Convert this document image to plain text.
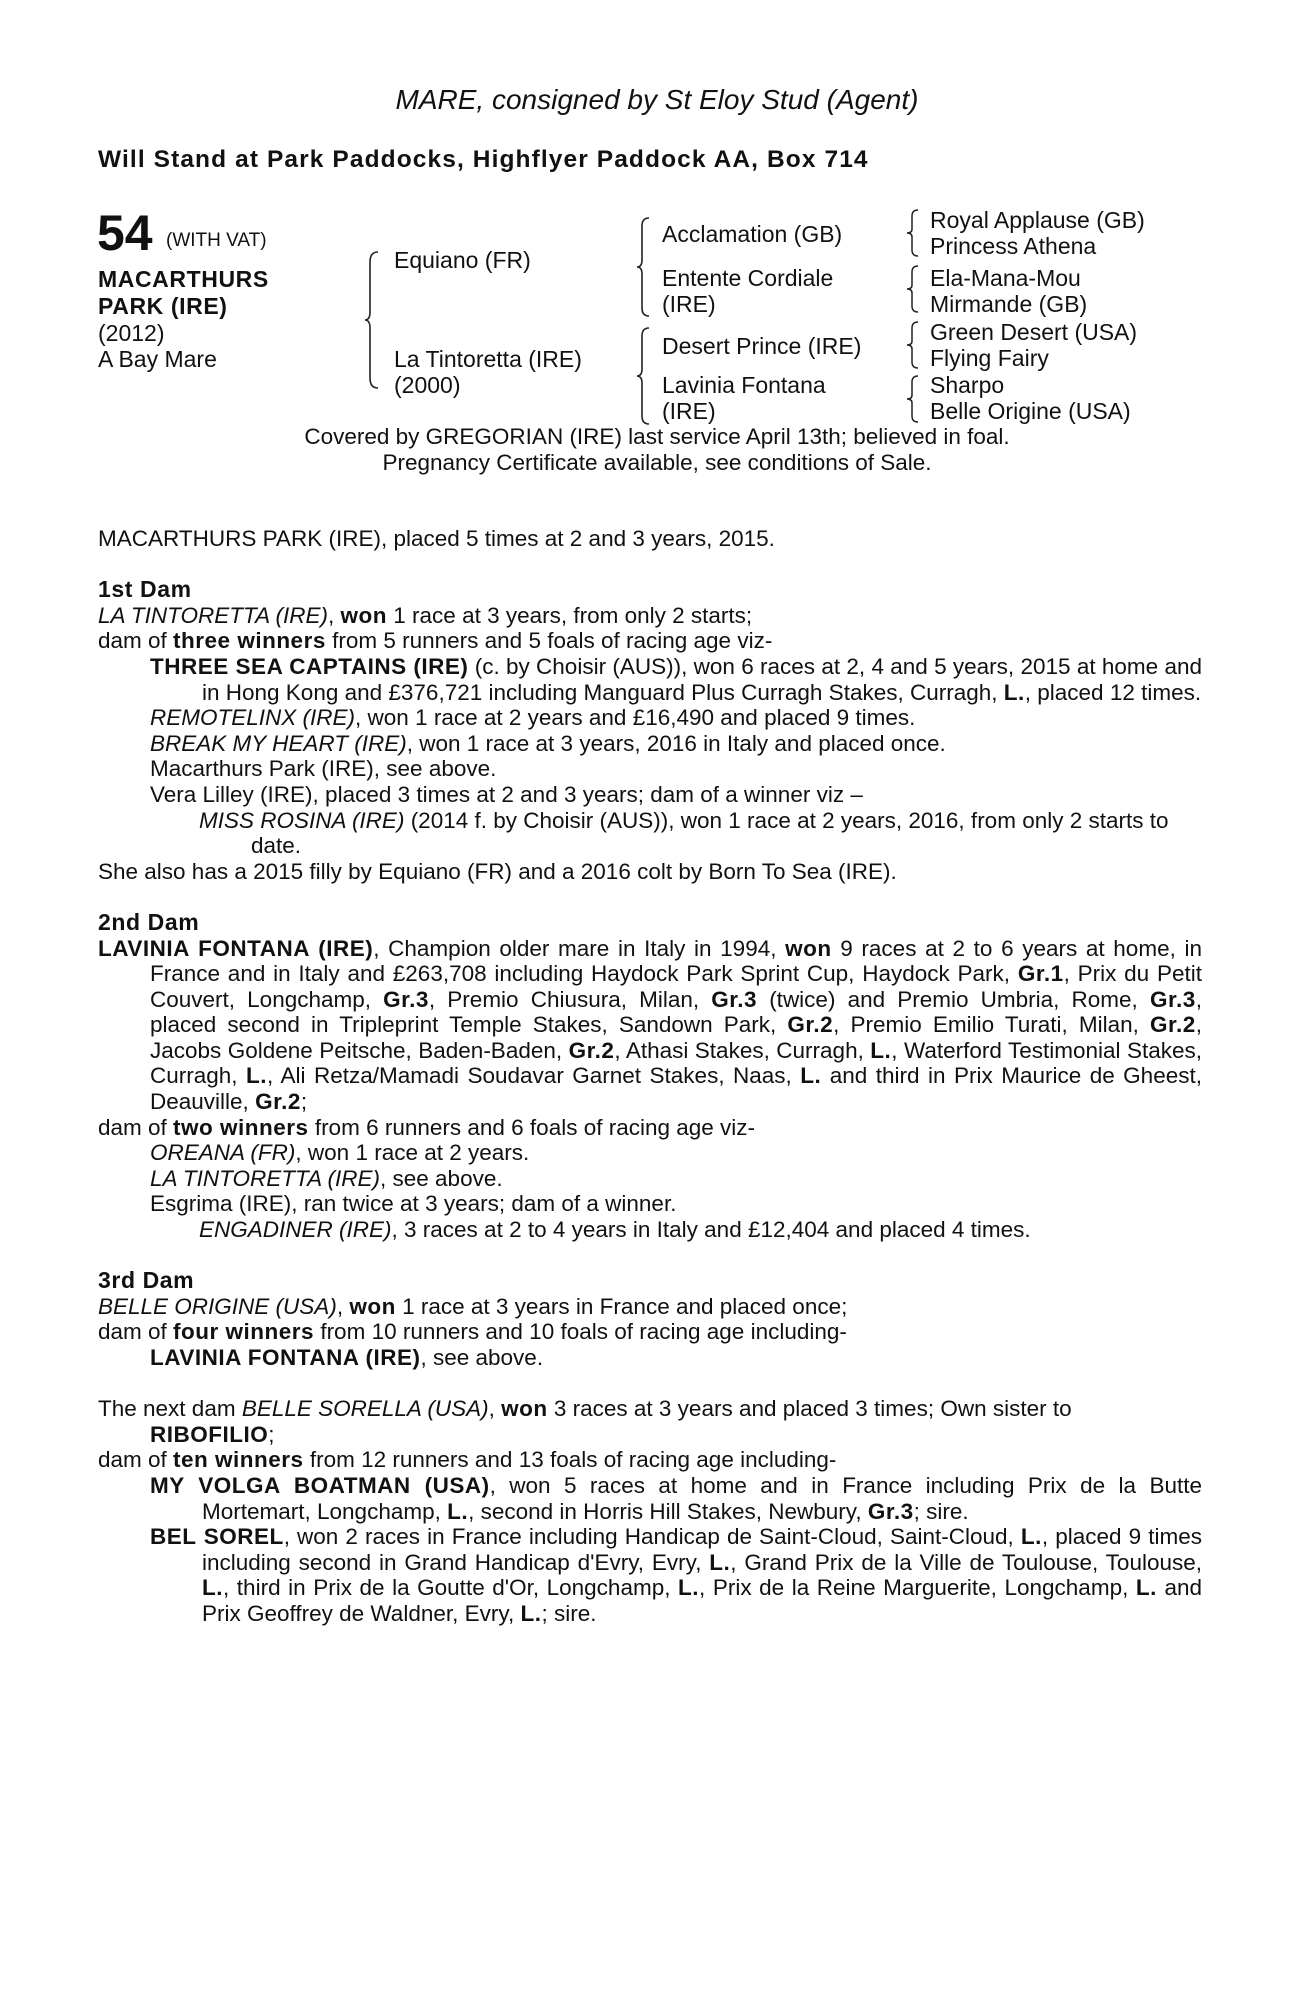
MARE, consigned by St Eloy Stud (Agent)
Will Stand at Park Paddocks, Highflyer Paddock AA, Box 714
54 (WITH VAT)
MACARTHURS
PARK (IRE)
(2012)
A Bay Mare
Equiano (FR)
La Tintoretta (IRE)
(2000)
Acclamation (GB)
Entente Cordiale
(IRE)
Desert Prince (IRE)
Lavinia Fontana
(IRE)
Royal Applause (GB)
Princess Athena
Ela-Mana-Mou
Mirmande (GB)
Green Desert (USA)
Flying Fairy
Sharpo
Belle Origine (USA)
Covered by GREGORIAN (IRE) last service April 13th; believed in foal.
Pregnancy Certificate available, see conditions of Sale.

MACARTHURS PARK (IRE), placed 5 times at 2 and 3 years, 2015.

1st Dam

LA TINTORETTA (IRE), won 1 race at 3 years, from only 2 starts;

dam of three winners from 5 runners and 5 foals of racing age viz-

THREE SEA CAPTAINS (IRE) (c. by Choisir (AUS)), won 6 races at 2, 4 and 5 years, 2015 at home and in Hong Kong and £376,721 including Manguard Plus Curragh Stakes, Curragh, L., placed 12 times.

REMOTELINX (IRE), won 1 race at 2 years and £16,490 and placed 9 times.

BREAK MY HEART (IRE), won 1 race at 3 years, 2016 in Italy and placed once.

Macarthurs Park (IRE), see above.

Vera Lilley (IRE), placed 3 times at 2 and 3 years; dam of a winner viz –

MISS ROSINA (IRE) (2014 f. by Choisir (AUS)), won 1 race at 2 years, 2016, from only 2 starts to date.

She also has a 2015 filly by Equiano (FR) and a 2016 colt by Born To Sea (IRE).

2nd Dam

LAVINIA FONTANA (IRE), Champion older mare in Italy in 1994, won 9 races at 2 to 6 years at home, in France and in Italy and £263,708 including Haydock Park Sprint Cup, Haydock Park, Gr.1, Prix du Petit Couvert, Longchamp, Gr.3, Premio Chiusura, Milan, Gr.3 (twice) and Premio Umbria, Rome, Gr.3, placed second in Tripleprint Temple Stakes, Sandown Park, Gr.2, Premio Emilio Turati, Milan, Gr.2, Jacobs Goldene Peitsche, Baden-Baden, Gr.2, Athasi Stakes, Curragh, L., Waterford Testimonial Stakes, Curragh, L., Ali Retza/Mamadi Soudavar Garnet Stakes, Naas, L. and third in Prix Maurice de Gheest, Deauville, Gr.2;

dam of two winners from 6 runners and 6 foals of racing age viz-

OREANA (FR), won 1 race at 2 years.

LA TINTORETTA (IRE), see above.

Esgrima (IRE), ran twice at 3 years; dam of a winner.

ENGADINER (IRE), 3 races at 2 to 4 years in Italy and £12,404 and placed 4 times.

3rd Dam

BELLE ORIGINE (USA), won 1 race at 3 years in France and placed once;

dam of four winners from 10 runners and 10 foals of racing age including-

LAVINIA FONTANA (IRE), see above.

The next dam BELLE SORELLA (USA), won 3 races at 3 years and placed 3 times; Own sister to RIBOFILIO;

dam of ten winners from 12 runners and 13 foals of racing age including-

MY VOLGA BOATMAN (USA), won 5 races at home and in France including Prix de la Butte Mortemart, Longchamp, L., second in Horris Hill Stakes, Newbury, Gr.3; sire.

BEL SOREL, won 2 races in France including Handicap de Saint-Cloud, Saint-Cloud, L., placed 9 times including second in Grand Handicap d'Evry, Evry, L., Grand Prix de la Ville de Toulouse, Toulouse, L., third in Prix de la Goutte d'Or, Longchamp, L., Prix de la Reine Marguerite, Longchamp, L. and Prix Geoffrey de Waldner, Evry, L.; sire.
